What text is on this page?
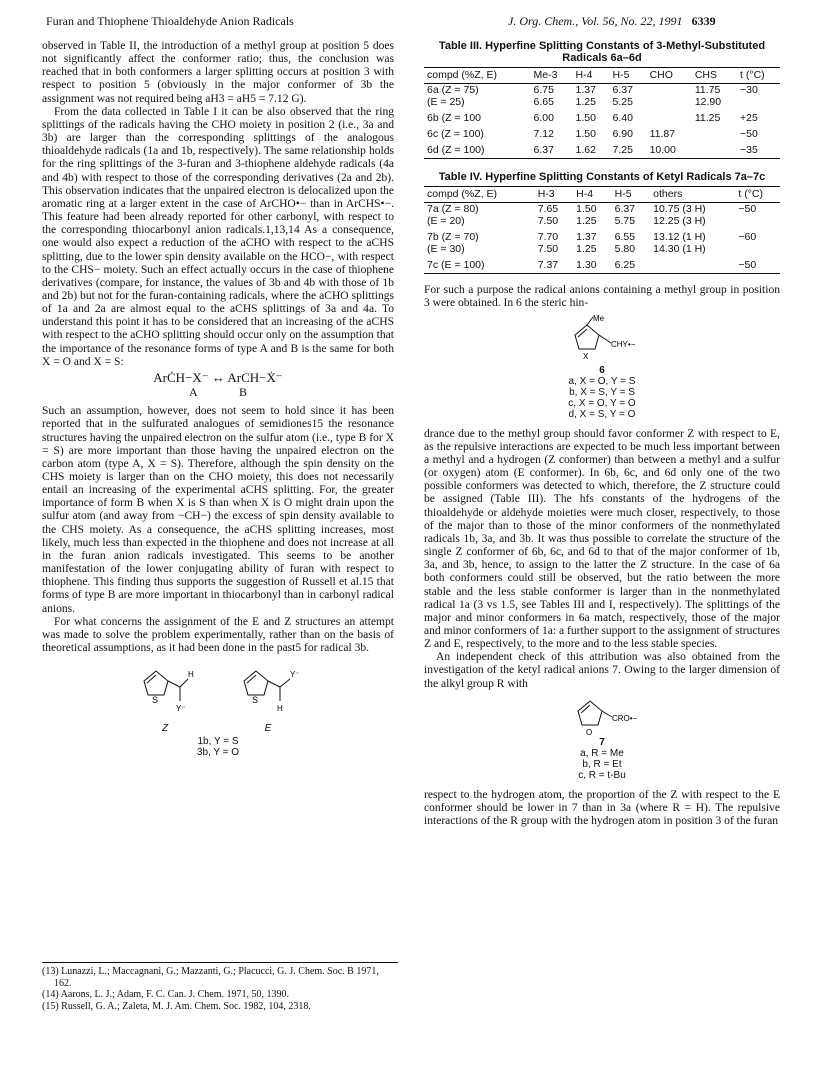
Furan and Thiophene Thioaldehyde Anion Radicals	J. Org. Chem., Vol. 56, No. 22, 1991 6339

observed in Table II, the introduction of a methyl group at position 5 does not significantly affect the conformer ratio; thus, the conclusion was reached that in both conformers a larger splitting occurs at position 3 with respect to position 5 (obviously in the major conformer of 3b the assignment was not required being aH3 = aH5 = 7.12 G).

From the data collected in Table I it can be also observed that the ring splittings of the radicals having the CHO moiety in position 2 (i.e., 3a and 3b) are larger than the corresponding splittings of the analogous thioaldehyde radicals (1a and 1b, respectively). The same relationship holds for the ring splittings of the 3-furan and 3-thiophene aldehyde radicals (4a and 4b) with respect to those of the corresponding derivatives (2a and 2b). This observation indicates that the unpaired electron is delocalized upon the aromatic ring at a larger extent in the case of ArCHO•− than in ArCHS•−. This feature had been already reported for other carbonyl, with respect to the corresponding thiocarbonyl anion radicals.1,13,14 As a consequence, one would also expect a reduction of the aCHO with respect to the aCHS splitting, due to the lower spin density available on the HCO−, with respect to the CHS− moiety. Such an effect actually occurs in the case of thiophene derivatives (compare, for instance, the values of 3b and 4b with those of 1b and 2b) but not for the furan-containing radicals, where the aCHO splittings of 1a and 2a are almost equal to the aCHS splittings of 3a and 4a. To understand this point it has to be considered that an increasing of the aCHS with respect to the aCHO splitting should occur only on the assumption that the importance of the resonance forms of type A and B is the same for both X = O and X = S:

ArĊH−X⁻ ↔ ArCH−Ẋ⁻
A	B

Such an assumption, however, does not seem to hold since it has been reported that in the sulfurated analogues of semidiones15 the resonance structures having the unpaired electron on the sulfur atom (i.e., type B for X = S) are more important than those having the unpaired electron on the carbon atom (type A, X = S). Therefore, although the spin density on the CHS moiety is larger than on the CHO moiety, this does not necessarily entail an increasing of the experimental aCHS splitting. For, the greater importance of form B when X is S than when X is O might drain upon the sulfur atom (and away from −CH−) the excess of spin density available to the CHS moiety. As a consequence, the aCHS splitting increases, most likely, much less than expected in the thiophene and does not increase at all in the furan anion radicals investigated. This seems to be another manifestation of the lower conjugating ability of furan with respect to thiophene. This finding thus supports the suggestion of Russell et al.15 that forms of type B are more important in thiocarbonyl than in carbonyl radical anions.

For what concerns the assignment of the E and Z structures an attempt was made to solve the problem experimentally, rather than on the basis of theoretical assumptions, as it had been done in the past5 for radical 3b.

S
H
Y⁻
Z
S
Y⁻
H
E
1b, Y = S
3b, Y = O
(13) Lunazzi, L.; Maccagnani, G.; Mazzanti, G.; Placucci, G. J. Chem. Soc. B 1971, 162.
(14) Aarons, L. J.; Adam, F. C. Can. J. Chem. 1971, 50, 1390.
(15) Russell, G. A.; Zaleta, M. J. Am. Chem. Soc. 1982, 104, 2318.
Table III. Hyperfine Splitting Constants of 3-Methyl-Substituted Radicals 6a–6d
compd (%Z, E)	Me-3	H-4	H-5	CHO	CHS	t (°C)
6a (Z = 75)	6.75	1.37	6.37		11.75	−30
(E = 25)	6.65	1.25	5.25		12.90	
6b (Z = 100	6.00	1.50	6.40		11.25	+25
6c (Z = 100)	7.12	1.50	6.90	11.87		−50
6d (Z = 100)	6.37	1.62	7.25	10.00		−35
Table IV. Hyperfine Splitting Constants of Ketyl Radicals 7a–7c
compd (%Z, E)	H-3	H-4	H-5	others	t (°C)
7a (Z = 80)	7.65	1.50	6.37	10.75 (3 H)	−50
(E = 20)	7.50	1.25	5.75	12.25 (3 H)	
7b (Z = 70)	7.70	1.37	6.55	13.12 (1 H)	−60
(E = 30)	7.50	1.25	5.80	14.30 (1 H)	
7c (E = 100)	7.37	1.30	6.25		−50

For such a purpose the radical anions containing a methyl group in position 3 were obtained. In 6 the steric hin-

Me
X
CHY•−
6
a, X = O, Y = S
b, X = S, Y = S
c, X = O, Y = O
d, X = S, Y = O

drance due to the methyl group should favor conformer Z with respect to E, as the repulsive interactions are expected to be much less important between a methyl and a hydrogen (Z conformer) than between a methyl and a sulfur (or oxygen) atom (E conformer). In 6b, 6c, and 6d only one of the two possible conformers was detected to which, therefore, the Z structure could be assigned (Table III). The hfs constants of the hydrogens of the thioaldehyde or aldehyde moieties were much closer, respectively, to those of the major than to those of the minor conformers of the nonmethylated radicals 1b, 3a, and 3b. It was thus possible to correlate the structure of the single Z conformer of 6b, 6c, and 6d to that of the major conformer of 1b, 3a, and 3b, hence, to assign to the latter the Z structure. In the case of 6a both conformers could still be observed, but the ratio between the more stable and the less stable conformer is larger than in the nonmethylated radical 1a (3 vs 1.5, see Tables III and I, respectively). The splittings of the major and minor conformers in 6a match, respectively, those of the major and minor conformers of 1a: a further support to the assignment of structures Z and E, respectively, to the more and to the less stable species.

An independent check of this attribution was also obtained from the investigation of the ketyl radical anions 7. Owing to the larger dimension of the alkyl group R with

O
CRO•−
7
a, R = Me
b, R = Et
c, R = t-Bu

respect to the hydrogen atom, the proportion of the Z with respect to the E conformer should be lower in 7 than in 3a (where R = H). The repulsive interactions of the R group with the hydrogen atom in position 3 of the furan
